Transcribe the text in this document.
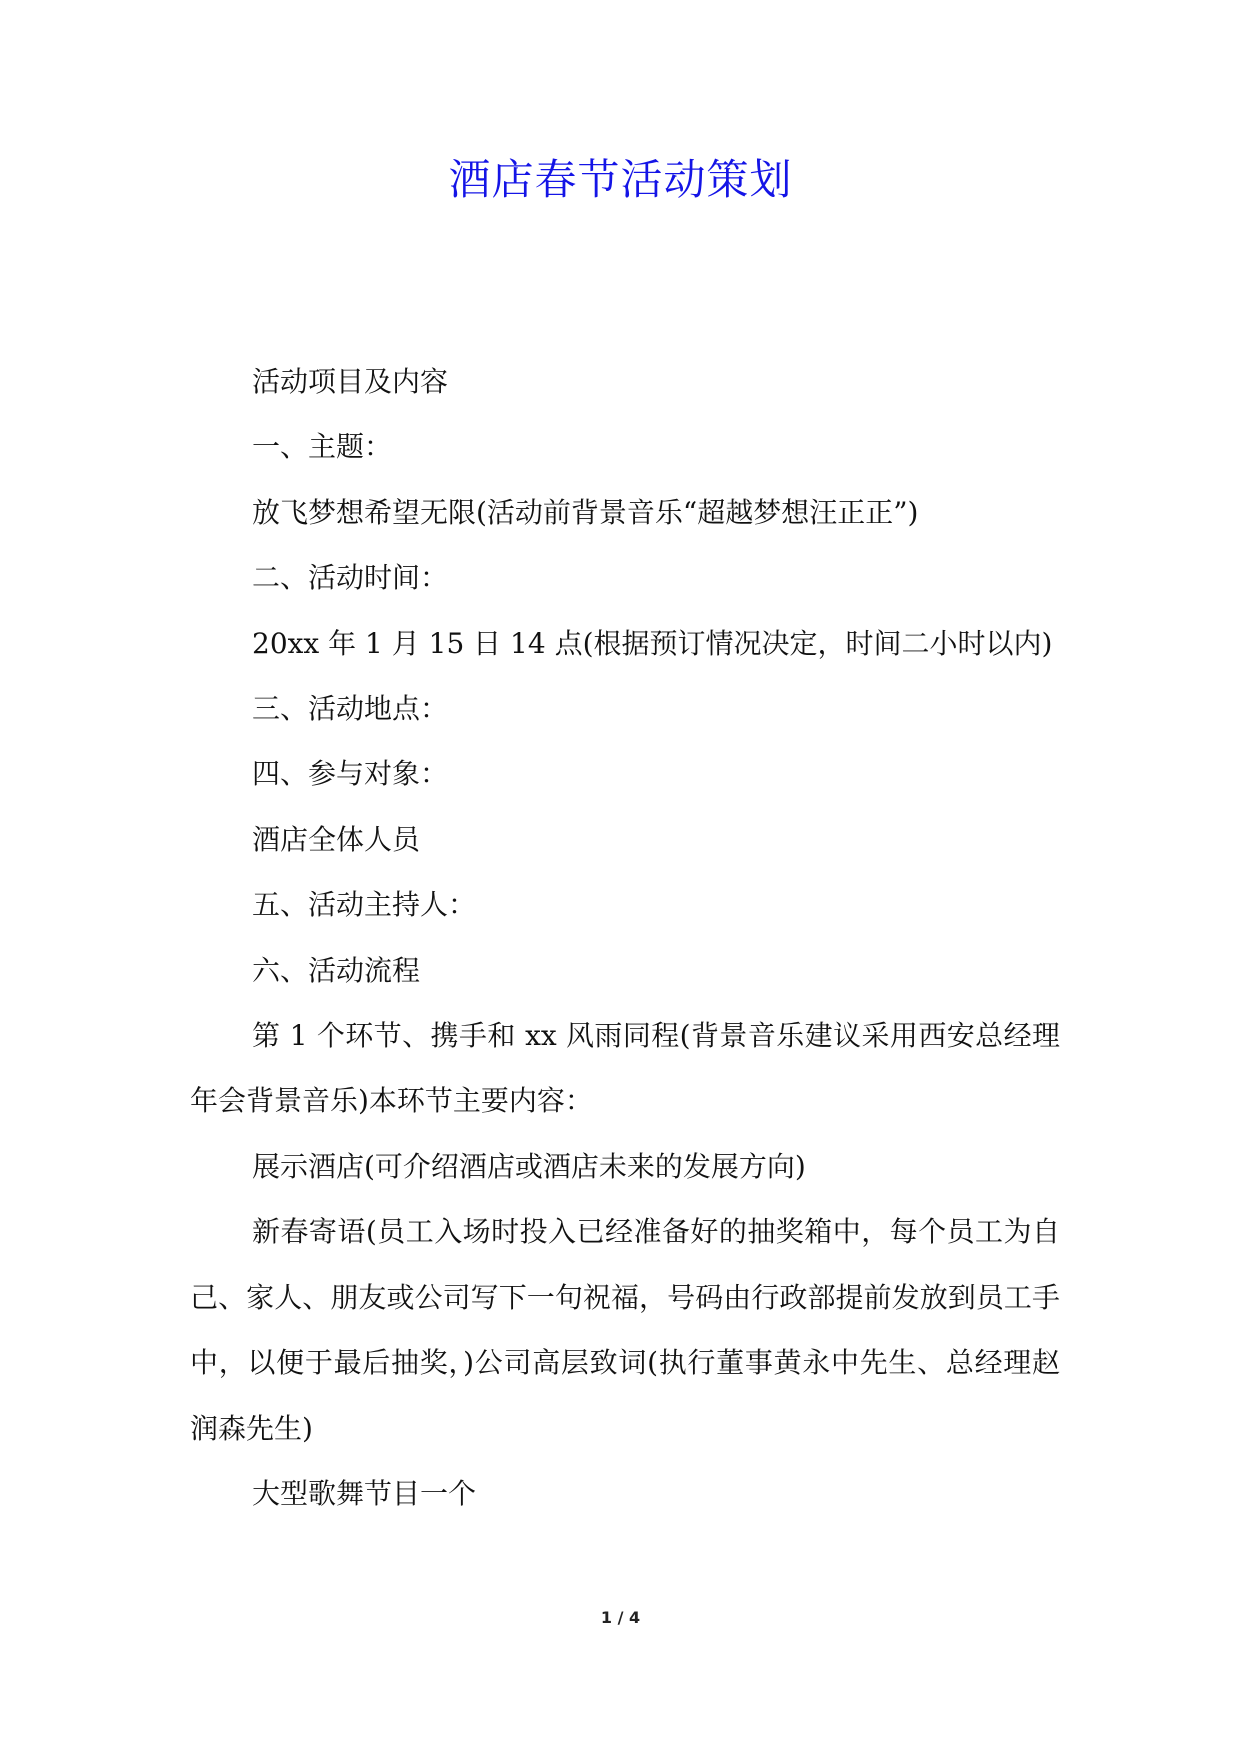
酒店春节活动策划

活动项目及内容

一、主题：

放飞梦想希望无限(活动前背景音乐“超越梦想汪正正”)

二、活动时间：

20xx 年 1 月 15 日 14 点(根据预订情况决定，时间二小时以内)

三、活动地点：

四、参与对象：

酒店全体人员

五、活动主持人：

六、活动流程

第 1 个环节、携手和 xx 风雨同程(背景音乐建议采用西安总经理年会背景音乐)本环节主要内容：

展示酒店(可介绍酒店或酒店未来的发展方向)

新春寄语(员工入场时投入已经准备好的抽奖箱中，每个员工为自己、家人、朋友或公司写下一句祝福，号码由行政部提前发放到员工手中，以便于最后抽奖，)公司高层致词(执行董事黄永中先生、总经理赵润森先生)

大型歌舞节目一个

1 / 4
